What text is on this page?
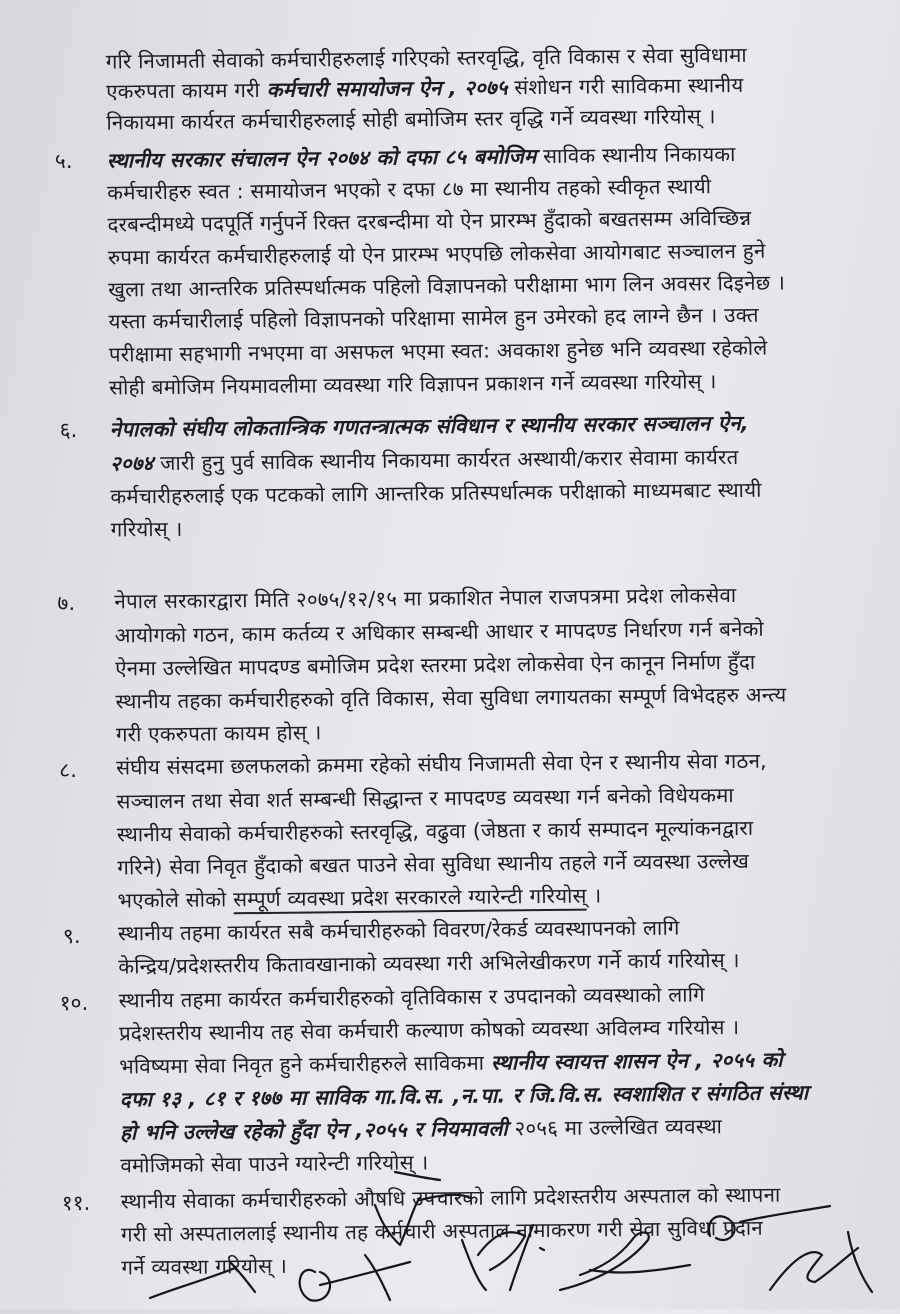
गरि निजामती सेवाको कर्मचारीहरुलाई गरिएको स्तरवृद्धि, वृति विकास र सेवा सुविधामा
एकरुपता कायम गरी कर्मचारी समायोजन ऐन , २०७५ संशोधन गरी साविकमा स्थानीय
निकायमा कार्यरत कर्मचारीहरुलाई सोही बमोजिम स्तर वृद्धि गर्ने व्यवस्था गरियोस् ।
५. स्थानीय सरकार संचालन ऐन २०७४ को दफा ८५ बमोजिम साविक स्थानीय निकायका
कर्मचारीहरु स्वत : समायोजन भएको र दफा ८७ मा स्थानीय तहको स्वीकृत स्थायी
दरबन्दीमध्ये पदपूर्ति गर्नुपर्ने रिक्त दरबन्दीमा यो ऐन प्रारम्भ हुँदाको बखतसम्म अविच्छिन्न
रुपमा कार्यरत कर्मचारीहरुलाई यो ऐन प्रारम्भ भएपछि लोकसेवा आयोगबाट सञ्चालन हुने
खुला तथा आन्तरिक प्रतिस्पर्धात्मक पहिलो विज्ञापनको परीक्षामा भाग लिन अवसर दिइनेछ ।
यस्ता कर्मचारीलाई पहिलो विज्ञापनको परिक्षामा सामेल हुन उमेरको हद लाग्ने छैन । उक्त
परीक्षामा सहभागी नभएमा वा असफल भएमा स्वत: अवकाश हुनेछ भनि व्यवस्था रहेकोले
सोही बमोजिम नियमावलीमा व्यवस्था गरि विज्ञापन प्रकाशन गर्ने व्यवस्था गरियोस् ।
६. नेपालको संघीय लोकतान्त्रिक गणतन्त्रात्मक संविधान र स्थानीय सरकार सञ्चालन ऐन,
२०७४ जारी हुनु पुर्व साविक स्थानीय निकायमा कार्यरत अस्थायी/करार सेवामा कार्यरत
कर्मचारीहरुलाई एक पटकको लागि आन्तरिक प्रतिस्पर्धात्मक परीक्षाको माध्यमबाट स्थायी
गरियोस् ।
७. नेपाल सरकारद्वारा मिति २०७५/१२/१५ मा प्रकाशित नेपाल राजपत्रमा प्रदेश लोकसेवा
आयोगको गठन, काम कर्तव्य र अधिकार सम्बन्धी आधार र मापदण्ड निर्धारण गर्न बनेको
ऐनमा उल्लेखित मापदण्ड बमोजिम प्रदेश स्तरमा प्रदेश लोकसेवा ऐन कानून निर्माण हुँदा
स्थानीय तहका कर्मचारीहरुको वृति विकास, सेवा सुविधा लगायतका सम्पूर्ण विभेदहरु अन्त्य
गरी एकरुपता कायम होस् ।
८. संघीय संसदमा छलफलको क्रममा रहेको संघीय निजामती सेवा ऐन र स्थानीय सेवा गठन,
सञ्चालन तथा सेवा शर्त सम्बन्धी सिद्धान्त र मापदण्ड व्यवस्था गर्न बनेको विधेयकमा
स्थानीय सेवाको कर्मचारीहरुको स्तरवृद्धि, वढुवा (जेष्ठता र कार्य सम्पादन मूल्यांकनद्वारा
गरिने) सेवा निवृत हुँदाको बखत पाउने सेवा सुविधा स्थानीय तहले गर्ने व्यवस्था उल्लेख
भएकोले सोको सम्पूर्ण व्यवस्था प्रदेश सरकारले ग्यारेन्टी गरियोस् ।
९. स्थानीय तहमा कार्यरत सबै कर्मचारीहरुको विवरण/रेकर्ड व्यवस्थापनको लागि
केन्द्रिय/प्रदेशस्तरीय कितावखानाको व्यवस्था गरी अभिलेखीकरण गर्ने कार्य गरियोस् ।
१०. स्थानीय तहमा कार्यरत कर्मचारीहरुको वृतिविकास र उपदानको व्यवस्थाको लागि
प्रदेशस्तरीय स्थानीय तह सेवा कर्मचारी कल्याण कोषको व्यवस्था अविलम्व गरियोस ।
भविष्यमा सेवा निवृत हुने कर्मचारीहरुले साविकमा स्थानीय स्वायत्त शासन ऐन , २०५५ को
दफा १३ , ८१ र १७७ मा साविक गा.वि.स. ,न.पा. र जि.वि.स. स्वशाशित र संगठित संस्था
हो भनि उल्लेख रहेको हुँदा ऐन ,२०५५ र नियमावली २०५६ मा उल्लेखित व्यवस्था
वमोजिमको सेवा पाउने ग्यारेन्टी गरियोस् ।
११. स्थानीय सेवाका कर्मचारीहरुको औषधि उपचारको लागि प्रदेशस्तरीय अस्पताल को स्थापना
गरी सो अस्पताललाई स्थानीय तह कर्मचारी अस्पताल नामाकरण गरी सेवा सुविधा प्रदान
गर्ने व्यवस्था गरियोस् ।
